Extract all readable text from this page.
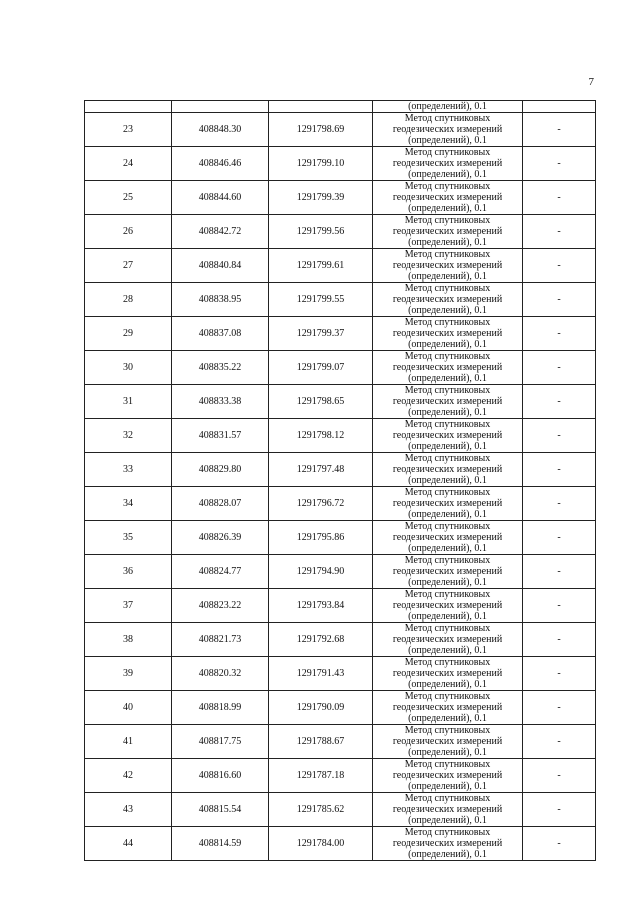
7

			(определений), 0.1	

23	408848.30	1291798.69	Метод спутниковых
геодезических измерений
(определений), 0.1	-
24	408846.46	1291799.10	Метод спутниковых
геодезических измерений
(определений), 0.1	-
25	408844.60	1291799.39	Метод спутниковых
геодезических измерений
(определений), 0.1	-
26	408842.72	1291799.56	Метод спутниковых
геодезических измерений
(определений), 0.1	-
27	408840.84	1291799.61	Метод спутниковых
геодезических измерений
(определений), 0.1	-
28	408838.95	1291799.55	Метод спутниковых
геодезических измерений
(определений), 0.1	-
29	408837.08	1291799.37	Метод спутниковых
геодезических измерений
(определений), 0.1	-
30	408835.22	1291799.07	Метод спутниковых
геодезических измерений
(определений), 0.1	-
31	408833.38	1291798.65	Метод спутниковых
геодезических измерений
(определений), 0.1	-
32	408831.57	1291798.12	Метод спутниковых
геодезических измерений
(определений), 0.1	-
33	408829.80	1291797.48	Метод спутниковых
геодезических измерений
(определений), 0.1	-
34	408828.07	1291796.72	Метод спутниковых
геодезических измерений
(определений), 0.1	-
35	408826.39	1291795.86	Метод спутниковых
геодезических измерений
(определений), 0.1	-
36	408824.77	1291794.90	Метод спутниковых
геодезических измерений
(определений), 0.1	-
37	408823.22	1291793.84	Метод спутниковых
геодезических измерений
(определений), 0.1	-
38	408821.73	1291792.68	Метод спутниковых
геодезических измерений
(определений), 0.1	-
39	408820.32	1291791.43	Метод спутниковых
геодезических измерений
(определений), 0.1	-
40	408818.99	1291790.09	Метод спутниковых
геодезических измерений
(определений), 0.1	-
41	408817.75	1291788.67	Метод спутниковых
геодезических измерений
(определений), 0.1	-
42	408816.60	1291787.18	Метод спутниковых
геодезических измерений
(определений), 0.1	-
43	408815.54	1291785.62	Метод спутниковых
геодезических измерений
(определений), 0.1	-
44	408814.59	1291784.00	Метод спутниковых
геодезических измерений
(определений), 0.1	-
